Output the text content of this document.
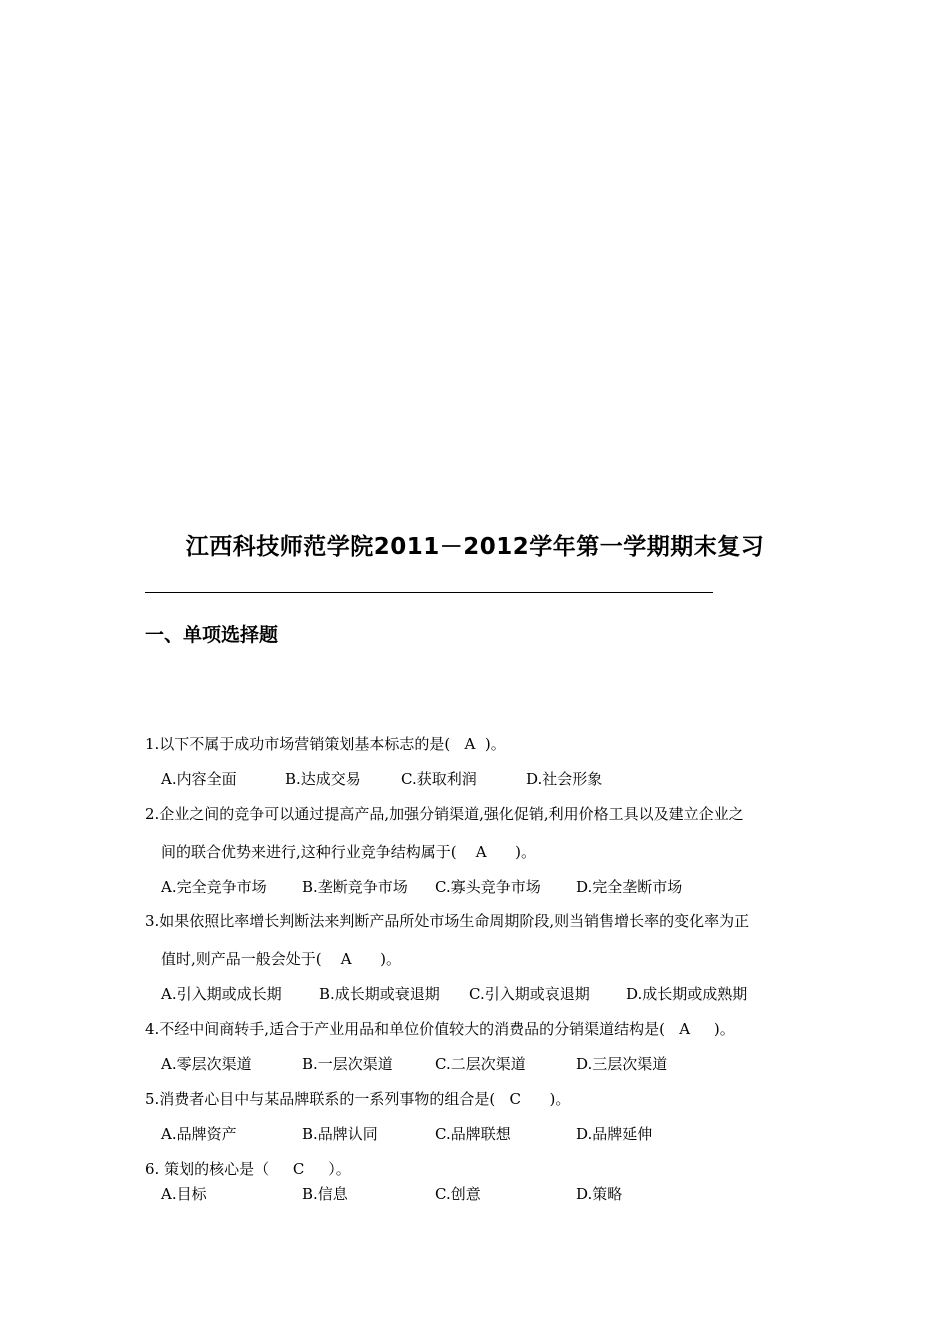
江西科技师范学院2011－2012学年第一学期期末复习
一、单项选择题
1.以下不属于成功市场营销策划基本标志的是(   A  )。
A.内容全面	B.达成交易	C.获取利润	D.社会形象
2.企业之间的竞争可以通过提高产品,加强分销渠道,强化促销,利用价格工具以及建立企业之
间的联合优势来进行,这种行业竞争结构属于(    A      )。
A.完全竞争市场 B.垄断竞争市场 C.寡头竞争市场 D.完全垄断市场
3.如果依照比率增长判断法来判断产品所处市场生命周期阶段,则当销售增长率的变化率为正
值时,则产品一般会处于(    A      )。
A.引入期或成长期 B.成长期或衰退期 C.引入期或哀退期 D.成长期或成熟期
4.不经中间商转手,适合于产业用品和单位价值较大的消费品的分销渠道结构是(   A     )。
A.零层次渠道	B.一层次渠道	C.二层次渠道	D.三层次渠道
5.消费者心目中与某品牌联系的一系列事物的组合是(   C      )。
A.品牌资产	B.品牌认同	C.品牌联想	D.品牌延伸
6. 策划的核心是（     C     ）。
A.目标	B.信息	C.创意	D.策略
